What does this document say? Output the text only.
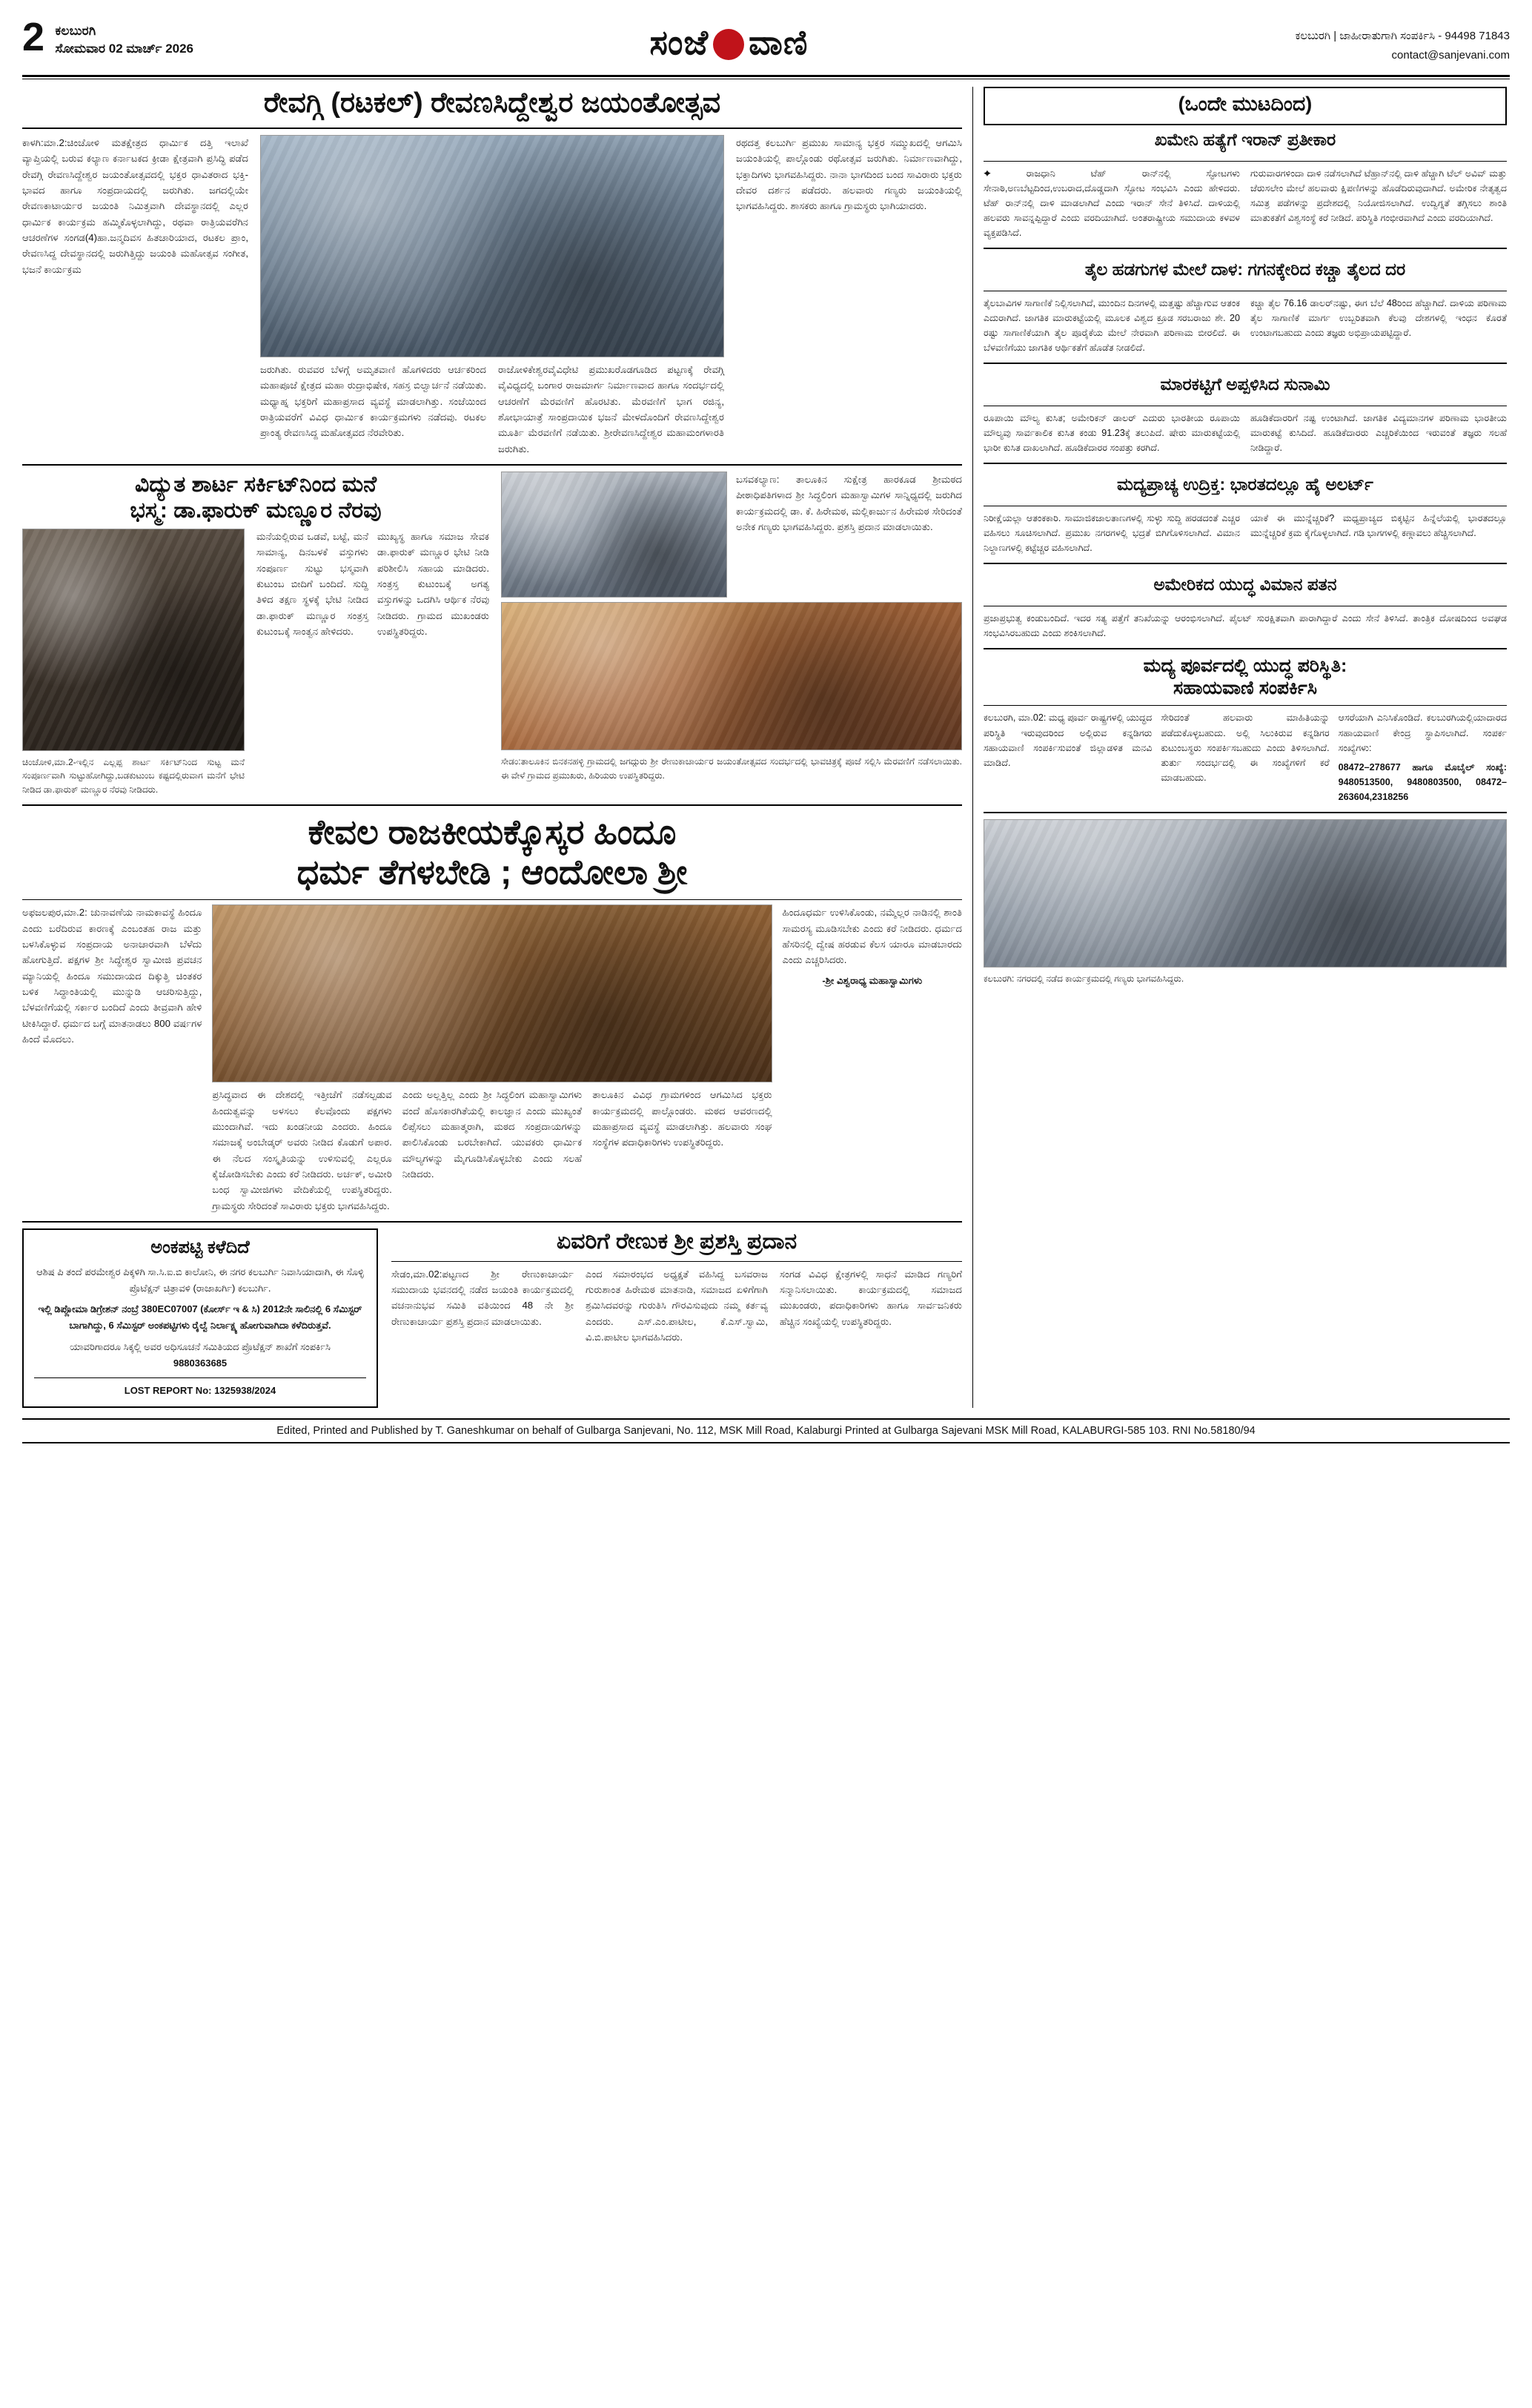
2 ಕಲಬುರಗಿ
ಸೋಮವಾರ 02 ಮಾರ್ಚ್ 2026	ಸಂಜೆ ವಾಣಿ	ಕಲಬುರಗಿ | ಜಾಹೀರಾತುಗಾಗಿ ಸಂಪರ್ಕಿಸಿ - 94498 71843
contact@sanjevani.com
ರೇವಗ್ಗಿ (ರಟಕಲ್) ರೇವಣಸಿದ್ದೇಶ್ವರ ಜಯಂತೋತ್ಸವ
ಕಾಳಗಿ:ಮಾ.2:ಚಿಂಚೋಳಿ ಮತಕ್ಷೇತ್ರದ ಧಾರ್ಮಿಕ ದತ್ತಿ ಇಲಾಖೆ ವ್ಯಾಪ್ತಿಯಲ್ಲಿ ಬರುವ ಕಲ್ಯಾಣ ಕರ್ನಾಟಕದ ಕ್ರೀಡಾ ಕ್ಷೇತ್ರವಾಗಿ ಪ್ರಸಿದ್ಧಿ ಪಡೆದ ರೇವಗ್ಗಿ ರೇವಣಸಿದ್ದೇಶ್ವರ ಜಯಂತೋತ್ಸವದಲ್ಲಿ ಭಕ್ತರ ಧಾವಿತರಾದ ಭಕ್ತಿ-ಭಾವದ ಹಾಗೂ ಸಂಪ್ರದಾಯದಲ್ಲಿ ಜರುಗಿತು. ಜಗದಲ್ಲಿಯೇ ರೇವಣಕಾಟಾರ್ಯರ ಜಯಂತಿ ನಿಮಿತ್ತವಾಗಿ ದೇವಸ್ಥಾನದಲ್ಲಿ ಎಲ್ಲರ ಧಾರ್ಮಿಕ ಕಾರ್ಯಕ್ರಮ ಹಮ್ಮಿಕೊಳ್ಳಲಾಗಿದ್ದು, ರಥವಾ ರಾತ್ರಿಯವರೆಗಿನ ಆಚರಣೆಗಳ ಸಂಗಡ(4)ಹಾ.ಜನ್ಮದಿವಸ ಹಿತಚಾರಿಯಾದ, ರಟಕಲ ಪ್ರಾಂ, ರೇವಣಸಿದ್ದ ದೇವಸ್ಥಾನದಲ್ಲಿ ಜರುಗಿತ್ತಿದ್ದು ಜಯಂತಿ ಮಹೋತ್ಸವ ಸಂಗೀತ, ಭಜನೆ ಕಾರ್ಯಕ್ರಮ
ಜರುಗಿತು. ರುವವರ ಬೆಳಗ್ಗೆ ಅಮೃತವಾಣಿ ಹೊಗಳಿದರು ಆರ್ಚಕರಿಂದ ಮಹಾಪೂಜೆ ಕ್ಷೇತ್ರದ ಮಹಾ ರುದ್ರಾಭಿಷೇಕ, ಸಹಸ್ರ ಬಿಲ್ವಾರ್ಚನೆ ನಡೆಯಿತು. ಮಧ್ಯಾಹ್ನ ಭಕ್ತರಿಗೆ ಮಹಾಪ್ರಸಾದ ವ್ಯವಸ್ಥೆ ಮಾಡಲಾಗಿತ್ತು. ಸಂಜೆಯಿಂದ ರಾತ್ರಿಯವರೆಗೆ ವಿವಿಧ ಧಾರ್ಮಿಕ ಕಾರ್ಯಕ್ರಮಗಳು ನಡೆದವು. ರಟಕಲ ಪ್ರಾಂತ್ಯ ರೇವಣಸಿದ್ದ ಮಹೋತ್ಸವದ ನೆರವೇರಿತು.
ರಾಜೋಳಿಕೇಶ್ವರವೈವಿಧೇಟಿ ಪ್ರಮುಖರೊಡಗೂಡಿದ ಪಟ್ಟಣಕ್ಕೆ ರೇವಗ್ಗಿ ವೈವಿಧ್ಯದಲ್ಲಿ ಬಂಗಾರ ರಾಜಮಾರ್ಗ ನಿರ್ಮಾಣವಾದ ಹಾಗೂ ಸಂದರ್ಭದಲ್ಲಿ ಆಚರಣೆಗೆ ಮೆರವಣಿಗೆ ಹೊರಟಿತು. ಮೆರವಣಿಗೆ ಭಾಗ ರಜಿನ್ಯ, ಶೋಭಾಯಾತ್ರೆ ಸಾಂಪ್ರದಾಯಿಕ ಭಜನೆ ಮೇಳದೊಂದಿಗೆ ರೇವಣಸಿದ್ದೇಶ್ವರ ಮೂರ್ತಿ ಮೆರವಣಿಗೆ ನಡೆಯಿತು. ಶ್ರೀರೇವಣಸಿದ್ದೇಶ್ವರ ಮಹಾಮಂಗಳಾರತಿ ಜರುಗಿತು.
ರಥದತ್ತ ಕಲಬುರ್ಗಿ ಪ್ರಮುಖ ಸಾಮಾನ್ಯ ಭಕ್ತರ ಸಮ್ಮುಖದಲ್ಲಿ ಆಗಮಿಸಿ ಜಯಂತಿಯಲ್ಲಿ ಪಾಲ್ಗೊಂಡು ರಥೋತ್ಸವ ಜರುಗಿತು. ನಿರ್ಮಾಣವಾಗಿದ್ದು, ಭಕ್ತಾದಿಗಳು ಭಾಗವಹಿಸಿದ್ದರು. ನಾನಾ ಭಾಗದಿಂದ ಬಂದ ಸಾವಿರಾರು ಭಕ್ತರು ದೇವರ ದರ್ಶನ ಪಡೆದರು. ಹಲವಾರು ಗಣ್ಯರು ಜಯಂತಿಯಲ್ಲಿ ಭಾಗವಹಿಸಿದ್ದರು. ಶಾಸಕರು ಹಾಗೂ ಗ್ರಾಮಸ್ಥರು ಭಾಗಿಯಾದರು.
ವಿದ್ಯುತ ಶಾರ್ಟ ಸರ್ಕಿಟ್‌ನಿಂದ ಮನೆ
ಭಸ್ಮ: ಡಾ.ಫಾರುಕ್ ಮಣ್ಣೂರ ನೆರವು
ಚಿಂಚೋಳಿ,ಮಾ.2-ಇಲ್ಲಿನ ಎಲ್ಲಪ್ಪ ಶಾರ್ಟ ಸರ್ಕಿಟ್‌ನಿಂದ ಸುಟ್ಟ ಮನೆ ಸಂಪೂರ್ಣವಾಗಿ ಸುಟ್ಟುಹೋಗಿದ್ದು,ಬಡಕುಟುಂಬ ಕಷ್ಟದಲ್ಲಿರುವಾಗ ಮನೆಗೆ ಭೇಟಿ ನೀಡಿದ ಡಾ.ಫಾರುಕ್ ಮಣ್ಣೂರ ನೆರವು ನೀಡಿದರು.
ಮನೆಯಲ್ಲಿರುವ ಒಡವೆ, ಬಟ್ಟೆ, ಮನೆ ಸಾಮಾನ್ಯ, ದಿನಬಳಕೆ ವಸ್ತುಗಳು ಸಂಪೂರ್ಣ ಸುಟ್ಟು ಭಸ್ಮವಾಗಿ ಕುಟುಂಬ ಬೀದಿಗೆ ಬಂದಿದೆ. ಸುದ್ದಿ ತಿಳಿದ ತಕ್ಷಣ ಸ್ಥಳಕ್ಕೆ ಭೇಟಿ ನೀಡಿದ ಡಾ.ಫಾರುಕ್ ಮಣ್ಣೂರ ಸಂತ್ರಸ್ತ ಕುಟುಂಬಕ್ಕೆ ಸಾಂತ್ವನ ಹೇಳಿದರು.
ಮುಖ್ಯಸ್ಥ ಹಾಗೂ ಸಮಾಜ ಸೇವಕ ಡಾ.ಫಾರುಕ್ ಮಣ್ಣೂರ ಭೇಟಿ ನೀಡಿ ಪರಿಶೀಲಿಸಿ ಸಹಾಯ ಮಾಡಿದರು. ಸಂತ್ರಸ್ತ ಕುಟುಂಬಕ್ಕೆ ಅಗತ್ಯ ವಸ್ತುಗಳನ್ನು ಒದಗಿಸಿ ಆರ್ಥಿಕ ನೆರವು ನೀಡಿದರು. ಗ್ರಾಮದ ಮುಖಂಡರು ಉಪಸ್ಥಿತರಿದ್ದರು.
ಬಸವಕಲ್ಯಾಣ: ತಾಲೂಕಿನ ಸುಕ್ಷೇತ್ರ ಹಾರಕೂಡ ಶ್ರೀಮಠದ ಪೀಠಾಧಿಪತಿಗಳಾದ ಶ್ರೀ ಸಿದ್ಧಲಿಂಗ ಮಹಾಸ್ವಾಮಿಗಳ ಸಾನ್ನಿಧ್ಯದಲ್ಲಿ ಜರುಗಿದ ಕಾರ್ಯಕ್ರಮದಲ್ಲಿ ಡಾ. ಕೆ. ಹಿರೇಮಠ, ಮಲ್ಲಿಕಾರ್ಜುನ ಹಿರೇಮಠ ಸೇರಿದಂತೆ ಅನೇಕ ಗಣ್ಯರು ಭಾಗವಹಿಸಿದ್ದರು. ಪ್ರಶಸ್ತಿ ಪ್ರದಾನ ಮಾಡಲಾಯಿತು.
ಸೇಡಂ:ತಾಲೂಕಿನ ಬಿನಕನಹಳ್ಳಿ ಗ್ರಾಮದಲ್ಲಿ ಜಗದ್ಗುರು ಶ್ರೀ ರೇಣುಕಾಚಾರ್ಯರ ಜಯಂತೋತ್ಸವದ ಸಂದರ್ಭದಲ್ಲಿ ಭಾವಚಿತ್ರಕ್ಕೆ ಪೂಜೆ ಸಲ್ಲಿಸಿ ಮೆರವಣಿಗೆ ನಡೆಸಲಾಯಿತು. ಈ ವೇಳೆ ಗ್ರಾಮದ ಪ್ರಮುಖರು, ಹಿರಿಯರು ಉಪಸ್ಥಿತರಿದ್ದರು.
ಕೇವಲ ರಾಜಕೀಯಕ್ಕೊಸ್ಕರ ಹಿಂದೂ
ಧರ್ಮ ತೆಗಳಬೇಡಿ ; ಆಂದೋಲಾ ಶ್ರೀ
ಅಫಜಲಪುರ,ಮಾ.2: ಚುನಾವಣೆಯ ನಾಮಕಾವಸ್ಥೆ ಹಿಂದೂ ಎಂದು ಬರೆದಿರುವ ಕಾರಣಕ್ಕೆ ಎಂಬಂತಹ ರಾಜ ಮತ್ತು ಬಳಸಿಕೊಳ್ಳುವ ಸಂಪ್ರದಾಯ ಅನಾಚಾರವಾಗಿ ಬೆಳೆದು ಹೋಗುತ್ತಿದೆ. ಪಕ್ಷಗಳ ಶ್ರೀ ಸಿದ್ಧೇಶ್ವರ ಸ್ವಾಮೀಜಿ ಪ್ರವಚನ ಮ್ಯಾನಿಯಲ್ಲಿ ಹಿಂದೂ ಸಮುದಾಯದ ದಿಕ್ಕುತ್ತಿ ಚಿಂತಕರ ಬಳಿಕ ಸಿದ್ಧಾಂತಿಯಲ್ಲಿ ಮುನ್ನುಡಿ ಆಚರಿಸುತ್ತಿದ್ದು, ಬೆಳವಣಿಗೆಯಲ್ಲಿ ಸರ್ಕಾರ ಬಂದಿದೆ ಎಂದು ತೀವ್ರವಾಗಿ ಹೇಳಿ ಟೀಕಿಸಿದ್ದಾರೆ. ಧರ್ಮದ ಬಗ್ಗೆ ಮಾತನಾಡಲು 800 ವರ್ಷಗಳ ಹಿಂದೆ ಮೊದಲು.
ಪ್ರಸಿದ್ಧವಾದ ಈ ದೇಶದಲ್ಲಿ ಇತ್ತೀಚೆಗೆ ನಡೆಸಲ್ಪಡುವ ಹಿಂದುತ್ವವನ್ನು ಅಳಸಲು ಕೆಲವೊಂದು ಪಕ್ಷಗಳು ಮುಂದಾಗಿವೆ. ಇದು ಖಂಡನೀಯ ಎಂದರು. ಹಿಂದೂ ಸಮಾಜಕ್ಕೆ ಅಂಬೇಡ್ಕರ್ ಅವರು ನೀಡಿದ ಕೊಡುಗೆ ಅಪಾರ. ಈ ನೆಲದ ಸಂಸ್ಕೃತಿಯನ್ನು ಉಳಿಸುವಲ್ಲಿ ಎಲ್ಲರೂ ಕೈಜೋಡಿಸಬೇಕು ಎಂದು ಕರೆ ನೀಡಿದರು. ಅರ್ಚಕ್, ಅಮೀರಿ ಬಂಧ ಸ್ವಾಮೀಜಿಗಳು ವೇದಿಕೆಯಲ್ಲಿ ಉಪಸ್ಥಿತರಿದ್ದರು. ಗ್ರಾಮಸ್ಥರು ಸೇರಿದಂತೆ ಸಾವಿರಾರು ಭಕ್ತರು ಭಾಗವಹಿಸಿದ್ದರು.
ಎಂದು ಅಲ್ಲತ್ತಿಲ್ಲ ಎಂದು ಶ್ರೀ ಸಿದ್ಧಲಿಂಗ ಮಹಾಸ್ವಾಮಿಗಳು ವಂದೆ ಹೊಸಕಾರಗಿತೆಯಲ್ಲಿ ಕಾಲಜ್ಞಾನ ಎಂದು ಮುಖ್ಯಂತೆ ಲಿಪ್ಸೆಸಲು ಮಹಾತ್ಮರಾಗಿ, ಮಠದ ಸಂಪ್ರದಾಯಗಳನ್ನು ಪಾಲಿಸಿಕೊಂಡು ಬರಬೇಕಾಗಿದೆ. ಯುವಕರು ಧಾರ್ಮಿಕ ಮೌಲ್ಯಗಳನ್ನು ಮೈಗೂಡಿಸಿಕೊಳ್ಳಬೇಕು ಎಂದು ಸಲಹೆ ನೀಡಿದರು.
ತಾಲೂಕಿನ ವಿವಿಧ ಗ್ರಾಮಗಳಿಂದ ಆಗಮಿಸಿದ ಭಕ್ತರು ಕಾರ್ಯಕ್ರಮದಲ್ಲಿ ಪಾಲ್ಗೊಂಡರು. ಮಠದ ಆವರಣದಲ್ಲಿ ಮಹಾಪ್ರಸಾದ ವ್ಯವಸ್ಥೆ ಮಾಡಲಾಗಿತ್ತು. ಹಲವಾರು ಸಂಘ ಸಂಸ್ಥೆಗಳ ಪದಾಧಿಕಾರಿಗಳು ಉಪಸ್ಥಿತರಿದ್ದರು.
ಹಿಂದೂಧರ್ಮ ಉಳಿಸಿಕೊಂಡು, ನಮ್ಮೆಲ್ಲರ ನಾಡಿನಲ್ಲಿ ಶಾಂತಿ ಸಾಮರಸ್ಯ ಮೂಡಿಸಬೇಕು ಎಂದು ಕರೆ ನೀಡಿದರು. ಧರ್ಮದ ಹೆಸರಿನಲ್ಲಿ ದ್ವೇಷ ಹರಡುವ ಕೆಲಸ ಯಾರೂ ಮಾಡಬಾರದು ಎಂದು ಎಚ್ಚರಿಸಿದರು.
-ಶ್ರೀ ವಿಶ್ವರಾಧ್ಯ ಮಹಾಸ್ವಾಮಿಗಳು
ಅಂಕಪಟ್ಟಿ ಕಳೆದಿದೆ
ಆಶಿಷ ಪಿ ತಂದೆ ಪರಮೇಶ್ವರ ಪಿಕ್ಕಳಿಗಿ ಸಾ.ಸಿ.ಐ.ಬಿ ಕಾಲೋನಿ, ಈ ನಗರ ಕಲಬುರ್ಗಿ ನಿವಾಸಿಯಾದಾಗಿ, ಈ ಸೊಳ್ಳಿ ಪ್ರೊಟೆಕ್ಷನ್ ಚಿತ್ರಾವಳಿ (ರಾಜಾಖರ್ಗಿ) ಕಲಬುರ್ಗಿ.
ಇಲ್ಲಿ ಡಿಪ್ಲೋಮಾ ಡಿಗ್ರೇಶನ್ ನಂಬ್ರೆ 380EC07007 (ಕೋರ್ಸ್ ಇ & ಸಿ) 2012ನೇ ಸಾಲಿನಲ್ಲಿ 6 ಸೆಮಿಸ್ಟರ್ ಬಾಗಾಗಿದ್ದು, 6 ಸೆಮಿಸ್ಟರ್ ಅಂಕಪಟ್ಟಿಗಳು ರೈಲ್ವೆ ನಿರ್ಲಾಕ್ಷ್ಯ ಹೋಗುವಾಗಿದಾ ಕಳೆದಿರುತ್ತವೆ.
ಯಾವರಿಗಾದರೂ ಸಿಕ್ಕಲ್ಲಿ ಅವರ ಅಧಿಸೂಚನೆ ಸಮಿತಿಯದ ಪ್ರೊಟೆಕ್ಷನ್ ಶಾಖೆಗೆ ಸಂಪರ್ಕಿಸಿ
9880363685
LOST REPORT No: 1325938/2024
ಏವರಿಗೆ ರೇಣುಕ ಶ್ರೀ ಪ್ರಶಸ್ತಿ ಪ್ರದಾನ
ಸೇಡಂ,ಮಾ.02:ಪಟ್ಟಣದ ಶ್ರೀ ರೇಣುಕಾಚಾರ್ಯ ಸಮುದಾಯ ಭವನದಲ್ಲಿ ನಡೆದ ಜಯಂತಿ ಕಾರ್ಯಕ್ರಮದಲ್ಲಿ ವಚನಾನುಭವ ಸಮಿತಿ ವತಿಯಿಂದ 48 ನೇ ಶ್ರೀ ರೇಣುಕಾಚಾರ್ಯ ಪ್ರಶಸ್ತಿ ಪ್ರದಾನ ಮಾಡಲಾಯಿತು.
ಎಂದ ಸಮಾರಂಭದ ಅಧ್ಯಕ್ಷತೆ ವಹಿಸಿದ್ದ ಬಸವರಾಜ ಗುರುಶಾಂತ ಹಿರೇಮಠ ಮಾತನಾಡಿ, ಸಮಾಜದ ಏಳಿಗೆಗಾಗಿ ಶ್ರಮಿಸಿದವರನ್ನು ಗುರುತಿಸಿ ಗೌರವಿಸುವುದು ನಮ್ಮ ಕರ್ತವ್ಯ ಎಂದರು. ಎಸ್.ಎಂ.ಪಾಟೀಲ, ಕೆ.ಎಸ್.ಸ್ವಾಮಿ, ವಿ.ಬಿ.ಪಾಟೀಲ ಭಾಗವಹಿಸಿದರು.
ಸಂಗಡ ವಿವಿಧ ಕ್ಷೇತ್ರಗಳಲ್ಲಿ ಸಾಧನೆ ಮಾಡಿದ ಗಣ್ಯರಿಗೆ ಸನ್ಮಾನಿಸಲಾಯಿತು. ಕಾರ್ಯಕ್ರಮದಲ್ಲಿ ಸಮಾಜದ ಮುಖಂಡರು, ಪದಾಧಿಕಾರಿಗಳು ಹಾಗೂ ಸಾರ್ವಜನಿಕರು ಹೆಚ್ಚಿನ ಸಂಖ್ಯೆಯಲ್ಲಿ ಉಪಸ್ಥಿತರಿದ್ದರು.
(ಒಂದೇ ಮುಟದಿಂದ)
ಖಮೇನಿ ಹತ್ಯೆಗೆ ಇರಾನ್ ಪ್ರತೀಕಾರ
✦ ರಾಜಧಾನಿ ಟೆಹ್ ರಾನ್‌ನಲ್ಲಿ ಸ್ಫೋಟಗಳು ಸೇನಾಠಿ,ಅಣಬೆಟ್ಟದಿಂದ,ಉಬರಾದ,ದೊಡ್ಡದಾಗಿ ಸ್ಫೋಟ ಸಂಭವಿಸಿ ಎಂದು ಹೇಳಿದರು. ಟೆಹ್ ರಾನ್‌ನಲ್ಲಿ ದಾಳಿ ಮಾಡಲಾಗಿದೆ ಎಂದು ಇರಾನ್ ಸೇನೆ ತಿಳಿಸಿದೆ. ದಾಳಿಯಲ್ಲಿ ಹಲವರು ಸಾವನ್ನಪ್ಪಿದ್ದಾರೆ ಎಂದು ವರದಿಯಾಗಿದೆ. ಅಂತರಾಷ್ಟ್ರೀಯ ಸಮುದಾಯ ಕಳವಳ ವ್ಯಕ್ತಪಡಿಸಿದೆ.
ಗುರುವಾರಗಳಿಂದಾ ದಾಳಿ ನಡೆಸಲಾಗಿದೆ ಟೆಹ್ರಾನ್‌ನಲ್ಲಿ ದಾಳಿ ಹೆಚ್ಚಾಗಿ ಟೆಲ್ ಅವಿವ್ ಮತ್ತು ಜೆರುಸಲೇಂ ಮೇಲೆ ಹಲವಾರು ಕ್ಷಿಪಣಿಗಳನ್ನು ಹೊಡೆದಿರುವುದಾಗಿದೆ. ಅಮೇರಿಕ ನೇತೃತ್ವದ ಸಮಿತ್ರ ಪಡೆಗಳನ್ನು ಪ್ರದೇಶದಲ್ಲಿ ನಿಯೋಜಿಸಲಾಗಿದೆ. ಉದ್ವಿಗ್ನತೆ ತಗ್ಗಿಸಲು ಶಾಂತಿ ಮಾತುಕತೆಗೆ ವಿಶ್ವಸಂಸ್ಥೆ ಕರೆ ನೀಡಿದೆ. ಪರಿಸ್ಥಿತಿ ಗಂಭೀರವಾಗಿದೆ ಎಂದು ವರದಿಯಾಗಿದೆ.
ತೈಲ ಹಡಗುಗಳ ಮೇಲೆ ದಾಳ: ಗಗನಕ್ಕೇರಿದ ಕಚ್ಚಾ ತೈಲದ ದರ
ತೈಲಬಾವಿಗಳ ಸಾಗಾಣಿಕೆ ನಿಲ್ಲಿಸಲಾಗಿದೆ, ಮುಂದಿನ ದಿನಗಳಲ್ಲಿ ಮತ್ತಷ್ಟು ಹೆಚ್ಚಾಗುವ ಆತಂಕ ಎದುರಾಗಿದೆ. ಜಾಗತಿಕ ಮಾರುಕಟ್ಟೆಯಲ್ಲಿ ಮೂಲಕ ವಿಶ್ವದ ಕ್ರೂಡ ಸರಬರಾಜು ಶೇ. 20 ರಷ್ಟು ಸಾಗಾಣಿಕೆಯಾಗಿ ತೈಲ ಪೂರೈಕೆಯ ಮೇಲೆ ನೇರವಾಗಿ ಪರಿಣಾಮ ಬೀರಲಿದೆ. ಈ ಬೆಳವಣಿಗೆಯು ಜಾಗತಿಕ ಆರ್ಥಿಕತೆಗೆ ಹೊಡೆತ ನೀಡಲಿದೆ.
ಕಚ್ಚಾ ತೈಲ 76.16 ಡಾಲರ್‌ನಷ್ಟು, ಈಗ ಬೆಲೆ 48ರಿಂದ ಹೆಚ್ಚಾಗಿದೆ. ದಾಳಿಯ ಪರಿಣಾಮ ತೈಲ ಸಾಗಾಣಿಕೆ ಮಾರ್ಗ ಉಬ್ಬರಿತವಾಗಿ ಕೆಲವು ದೇಶಗಳಲ್ಲಿ ಇಂಧನ ಕೊರತೆ ಉಂಟಾಗಬಹುದು ಎಂದು ತಜ್ಞರು ಅಭಿಪ್ರಾಯಪಟ್ಟಿದ್ದಾರೆ.
ಮಾರಕಟ್ಟಿಗೆ ಅಪ್ಪಳಿಸಿದ ಸುನಾಮಿ
ರೂಪಾಯಿ ಮೌಲ್ಯ ಕುಸಿತ; ಅಮೇರಿಕನ್ ಡಾಲರ್ ಎದುರು ಭಾರತೀಯ ರೂಪಾಯಿ ಮೌಲ್ಯವು ಸಾರ್ವಕಾಲಿಕ ಕುಸಿತ ಕಂಡು 91.23ಕ್ಕೆ ತಲುಪಿದೆ. ಷೇರು ಮಾರುಕಟ್ಟೆಯಲ್ಲಿ ಭಾರೀ ಕುಸಿತ ದಾಖಲಾಗಿದೆ. ಹೂಡಿಕೆದಾರರ ಸಂಪತ್ತು ಕರಗಿದೆ.
ಹೂಡಿಕೆದಾರರಿಗೆ ನಷ್ಟ ಉಂಟಾಗಿದೆ. ಜಾಗತಿಕ ವಿದ್ಯಮಾನಗಳ ಪರಿಣಾಮ ಭಾರತೀಯ ಮಾರುಕಟ್ಟೆ ಕುಸಿದಿದೆ. ಹೂಡಿಕೆದಾರರು ಎಚ್ಚರಿಕೆಯಿಂದ ಇರುವಂತೆ ತಜ್ಞರು ಸಲಹೆ ನೀಡಿದ್ದಾರೆ.
ಮದ್ಯಪ್ರಾಚ್ಯ ಉದ್ರಿಕ್ತ: ಭಾರತದಲ್ಲೂ ಹೈ ಅಲರ್ಟ್
ನಿರೀಕ್ಷೆಯಲ್ಲಾ ಆತಂಕಕಾರಿ. ಸಾಮಾಜಿಕಜಾಲತಾಣಗಳಲ್ಲಿ ಸುಳ್ಳು ಸುದ್ದಿ ಹರಡದಂತೆ ಎಚ್ಚರ ವಹಿಸಲು ಸೂಚಿಸಲಾಗಿದೆ. ಪ್ರಮುಖ ನಗರಗಳಲ್ಲಿ ಭದ್ರತೆ ಬಿಗಿಗೊಳಿಸಲಾಗಿದೆ. ವಿಮಾನ ನಿಲ್ದಾಣಗಳಲ್ಲಿ ಕಟ್ಟೆಚ್ಚರ ವಹಿಸಲಾಗಿದೆ.
ಯಾಕೆ ಈ ಮುನ್ನೆಚ್ಚರಿಕೆ? ಮಧ್ಯಪ್ರಾಚ್ಯದ ಬಿಕ್ಕಟ್ಟಿನ ಹಿನ್ನೆಲೆಯಲ್ಲಿ ಭಾರತದಲ್ಲೂ ಮುನ್ನೆಚ್ಚರಿಕೆ ಕ್ರಮ ಕೈಗೊಳ್ಳಲಾಗಿದೆ. ಗಡಿ ಭಾಗಗಳಲ್ಲಿ ಕಣ್ಗಾವಲು ಹೆಚ್ಚಿಸಲಾಗಿದೆ.
ಅಮೇರಿಕದ ಯುದ್ಧ ವಿಮಾನ ಪತನ
ಪ್ರಜಾಪ್ರಭುತ್ವ ಕಂಡುಬಂದಿದೆ. ಇದರ ಸತ್ಯ ಪತ್ತೆಗೆ ತನಿಖೆಯನ್ನು ಆರಂಭಿಸಲಾಗಿದೆ. ಪೈಲಟ್ ಸುರಕ್ಷಿತವಾಗಿ ಪಾರಾಗಿದ್ದಾರೆ ಎಂದು ಸೇನೆ ತಿಳಿಸಿದೆ. ತಾಂತ್ರಿಕ ದೋಷದಿಂದ ಅವಘಡ ಸಂಭವಿಸಿರಬಹುದು ಎಂದು ಶಂಕಿಸಲಾಗಿದೆ.
ಮದ್ಯ ಪೂರ್ವದಲ್ಲಿ ಯುದ್ಧ ಪರಿಸ್ಥಿತಿ:
ಸಹಾಯವಾಣಿ ಸಂಪರ್ಕಿಸಿ
ಕಲಬುರಗಿ, ಮಾ.02: ಮಧ್ಯ ಪೂರ್ವ ರಾಷ್ಟ್ರಗಳಲ್ಲಿ ಯುದ್ಧದ ಪರಿಸ್ಥಿತಿ ಇರುವುದರಿಂದ ಅಲ್ಲಿರುವ ಕನ್ನಡಿಗರು ಸಹಾಯವಾಣಿ ಸಂಪರ್ಕಿಸುವಂತೆ ಜಿಲ್ಲಾಡಳಿತ ಮನವಿ ಮಾಡಿದೆ.
ಸೇರಿದಂತೆ ಹಲವಾರು ಮಾಹಿತಿಯನ್ನು ಪಡೆದುಕೊಳ್ಳಬಹುದು. ಅಲ್ಲಿ ಸಿಲುಕಿರುವ ಕನ್ನಡಿಗರ ಕುಟುಂಬಸ್ಥರು ಸಂಪರ್ಕಿಸಬಹುದು ಎಂದು ತಿಳಿಸಲಾಗಿದೆ. ತುರ್ತು ಸಂದರ್ಭದಲ್ಲಿ ಈ ಸಂಖ್ಯೆಗಳಿಗೆ ಕರೆ ಮಾಡಬಹುದು.
ಆಸರೆಯಾಗಿ ಎನಿಸಿಕೊಂಡಿದೆ. ಕಲಬುರಗಿಯಲ್ಲಿಯಾದಾರದ ಸಹಾಯವಾಣಿ ಕೇಂದ್ರ ಸ್ಥಾಪಿಸಲಾಗಿದೆ. ಸಂಪರ್ಕ ಸಂಖ್ಯೆಗಳು:
08472–278677 ಹಾಗೂ ಮೊಬೈಲ್ ಸಂಖ್ಯೆ: 9480513500, 9480803500, 08472–263604,2318256
ಕಲಬುರಗಿ: ನಗರದಲ್ಲಿ ನಡೆದ ಕಾರ್ಯಕ್ರಮದಲ್ಲಿ ಗಣ್ಯರು ಭಾಗವಹಿಸಿದ್ದರು.
Edited, Printed and Published by T. Ganeshkumar on behalf of Gulbarga Sanjevani, No. 112, MSK Mill Road, Kalaburgi Printed at Gulbarga Sajevani MSK Mill Road, KALABURGI-585 103. RNI No.58180/94
